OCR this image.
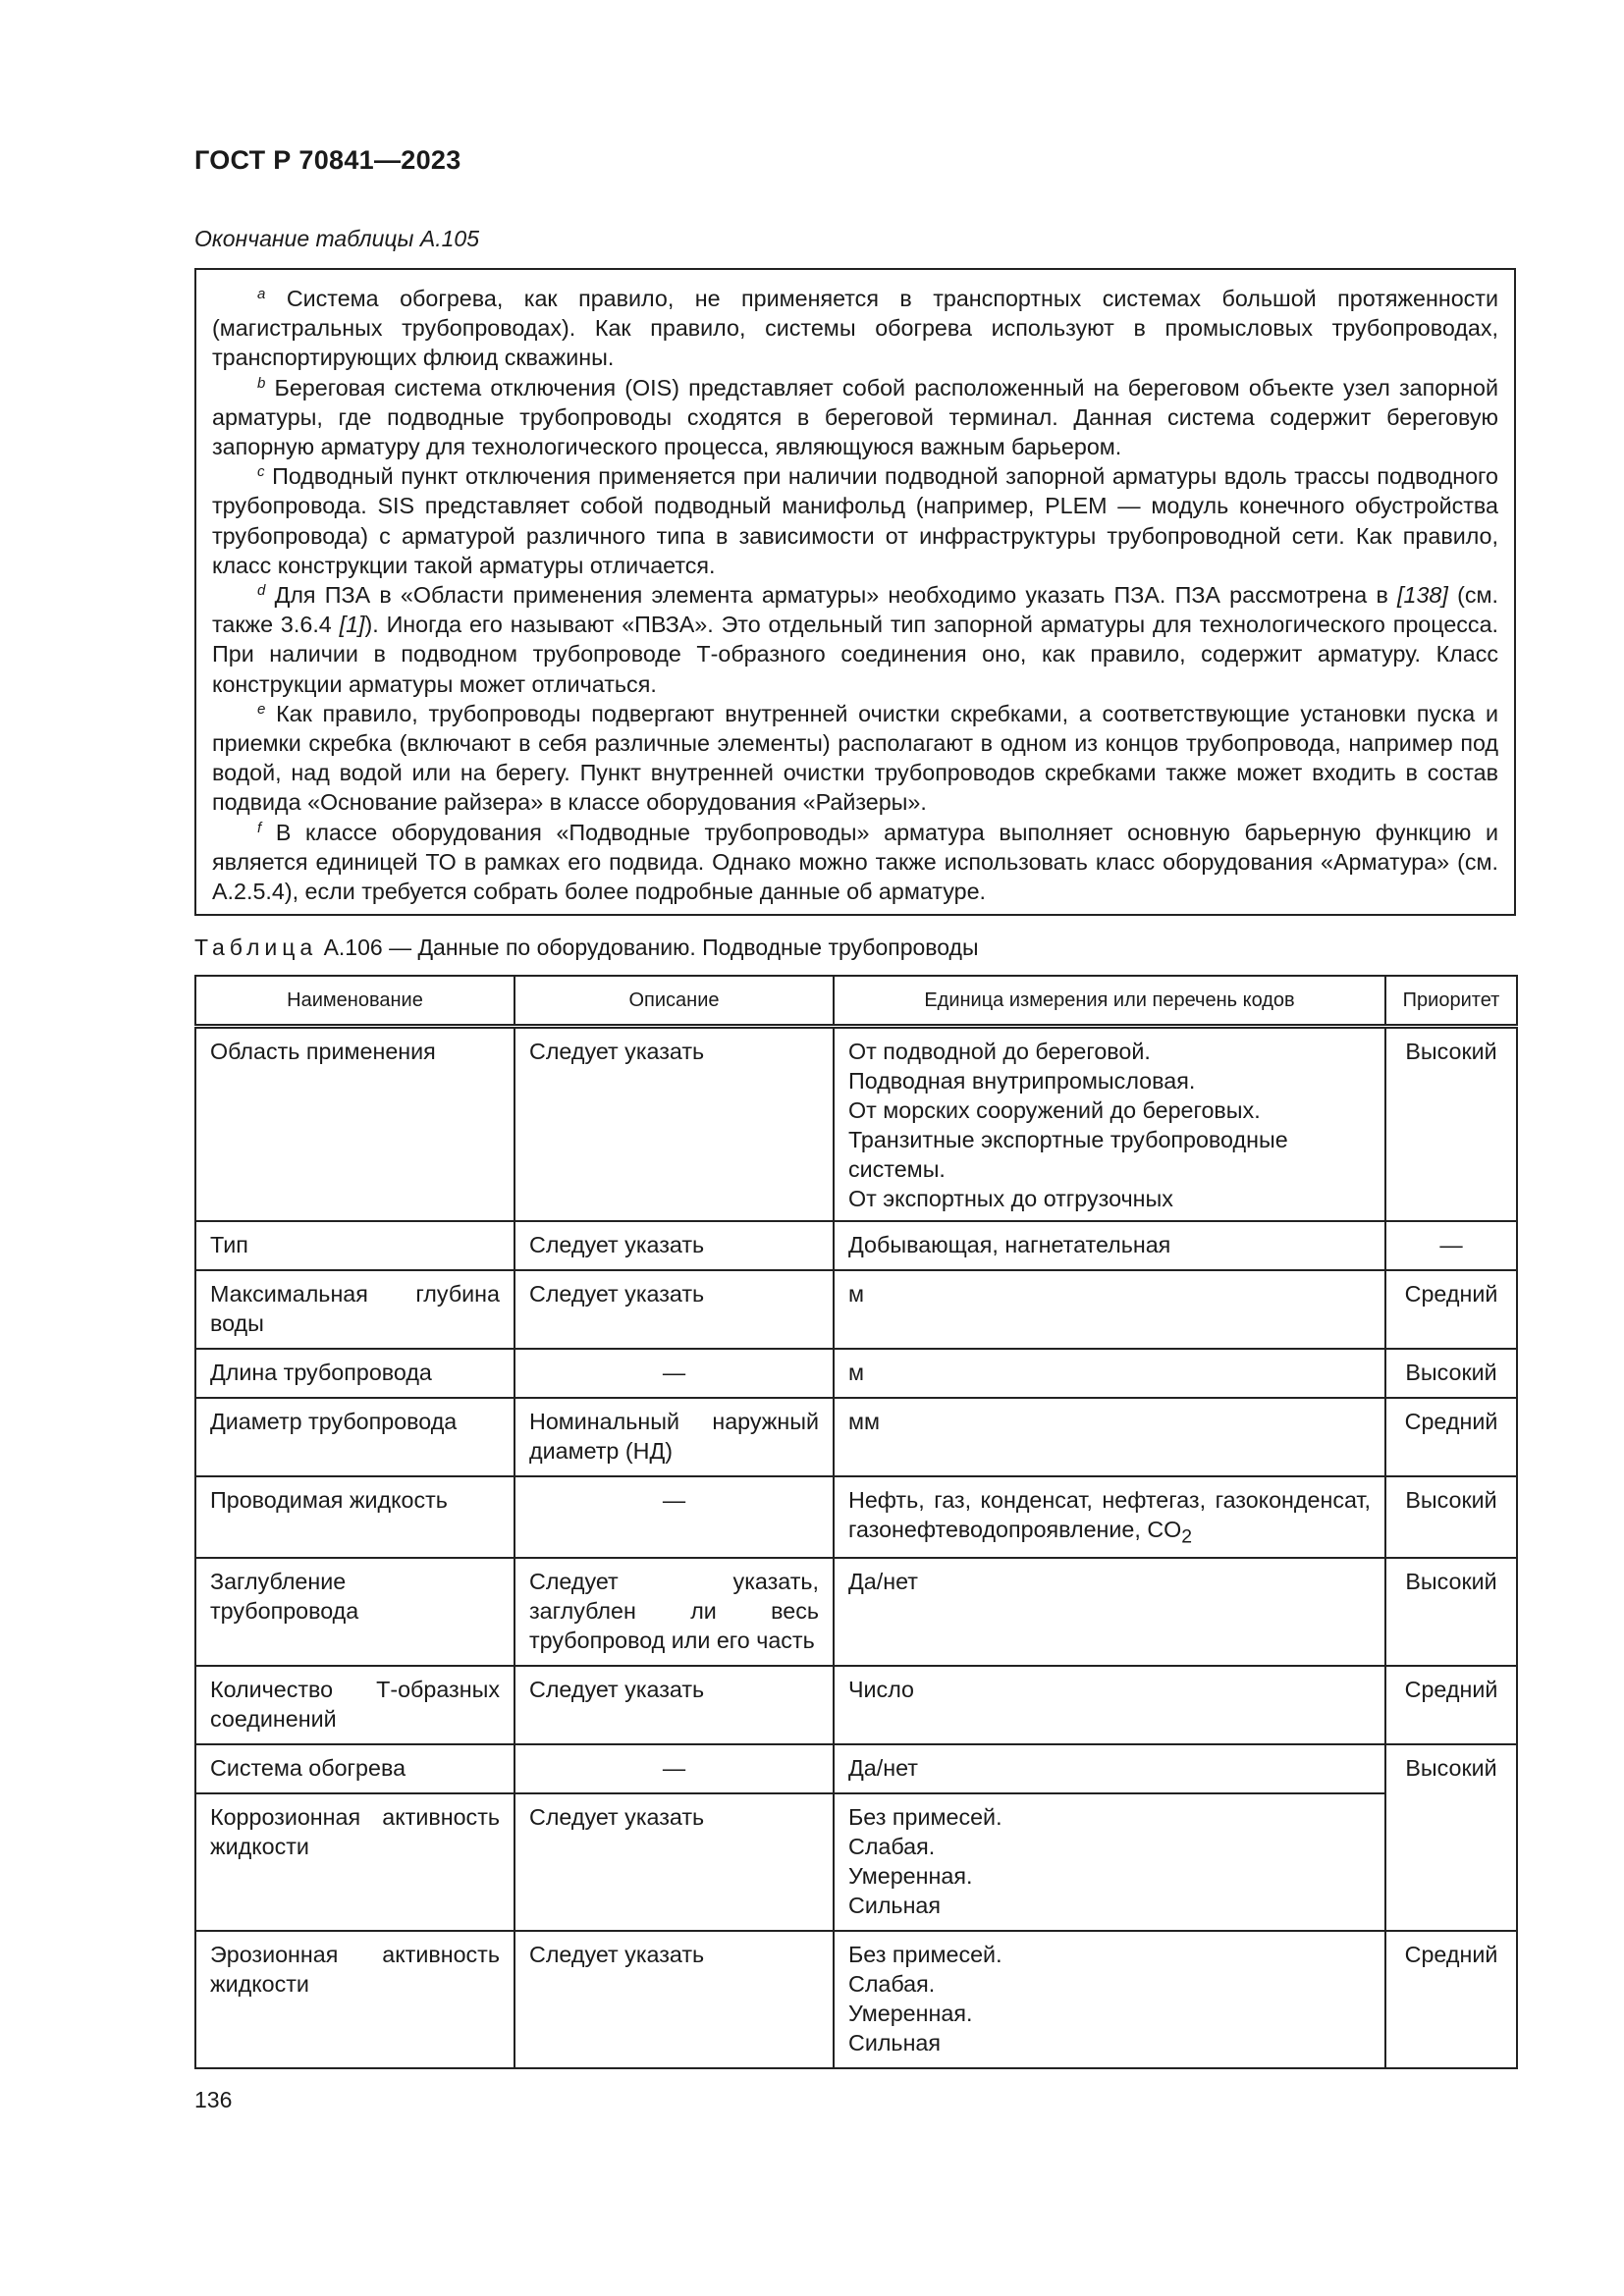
ГОСТ Р 70841—2023
Окончание таблицы А.105

$^a$ Система обогрева, как правило, не применяется в транспортных системах большой протяженности (магистральных трубопроводах). Как правило, системы обогрева используют в промысловых трубопроводах, транспортирующих флюид скважины.

$^b$ Береговая система отключения (OIS) представляет собой расположенный на береговом объекте узел запорной арматуры, где подводные трубопроводы сходятся в береговой терминал. Данная система содержит береговую запорную арматуру для технологического процесса, являющуюся важным барьером.

$^c$ Подводный пункт отключения применяется при наличии подводной запорной арматуры вдоль трассы подводного трубопровода. SIS представляет собой подводный манифольд (например, PLEM — модуль конечного обустройства трубопровода) с арматурой различного типа в зависимости от инфраструктуры трубопроводной сети. Как правило, класс конструкции такой арматуры отличается.

$^d$ Для ПЗА в «Области применения элемента арматуры» необходимо указать ПЗА. ПЗА рассмотрена в [138] (см. также 3.6.4 [1]). Иногда его называют «ПВЗА». Это отдельный тип запорной арматуры для технологического процесса. При наличии в подводном трубопроводе Т-образного соединения оно, как правило, содержит арматуру. Класс конструкции арматуры может отличаться.

$^e$ Как правило, трубопроводы подвергают внутренней очистки скребками, а соответствующие установки пуска и приемки скребка (включают в себя различные элементы) располагают в одном из концов трубопровода, например под водой, над водой или на берегу. Пункт внутренней очистки трубопроводов скребками также может входить в состав подвида «Основание райзера» в классе оборудования «Райзеры».

$^f$ В классе оборудования «Подводные трубопроводы» арматура выполняет основную барьерную функцию и является единицей ТО в рамках его подвида. Однако можно также использовать класс оборудования «Арматура» (см. А.2.5.4), если требуется собрать более подробные данные об арматуре.

Таблица А.106 — Данные по оборудованию. Подводные трубопроводы
Наименование	Описание	Единица измерения или перечень кодов	Приоритет
Область применения	Следует указать	От подводной до береговой.
Подводная внутрипромысловая.
От морских сооружений до береговых.
Транзитные экспортные трубопроводные системы.
От экспортных до отгрузочных	Высокий
Тип	Следует указать	Добывающая, нагнетательная	—
Максимальная глубина воды	Следует указать	м	Средний
Длина трубопровода	—	м	Высокий
Диаметр трубопровода	Номинальный наружный диаметр (НД)	мм	Средний
Проводимая жидкость	—	Нефть, газ, конденсат, нефтегаз, газоконденсат, газонефтеводопроявление, $CO_2$	Высокий
Заглубление трубопровода	Следует указать, заглублен ли весь трубопровод или его часть	Да/нет	Высокий
Количество Т-образных соединений	Следует указать	Число	Средний
Система обогрева	—	Да/нет	Высокий
Коррозионная активность жидкости	Следует указать	Без примесей.
Слабая.
Умеренная.
Сильная	

Эрозионная активность жидкости	Следует указать	Без примесей.
Слабая.
Умеренная.
Сильная	Средний
136
